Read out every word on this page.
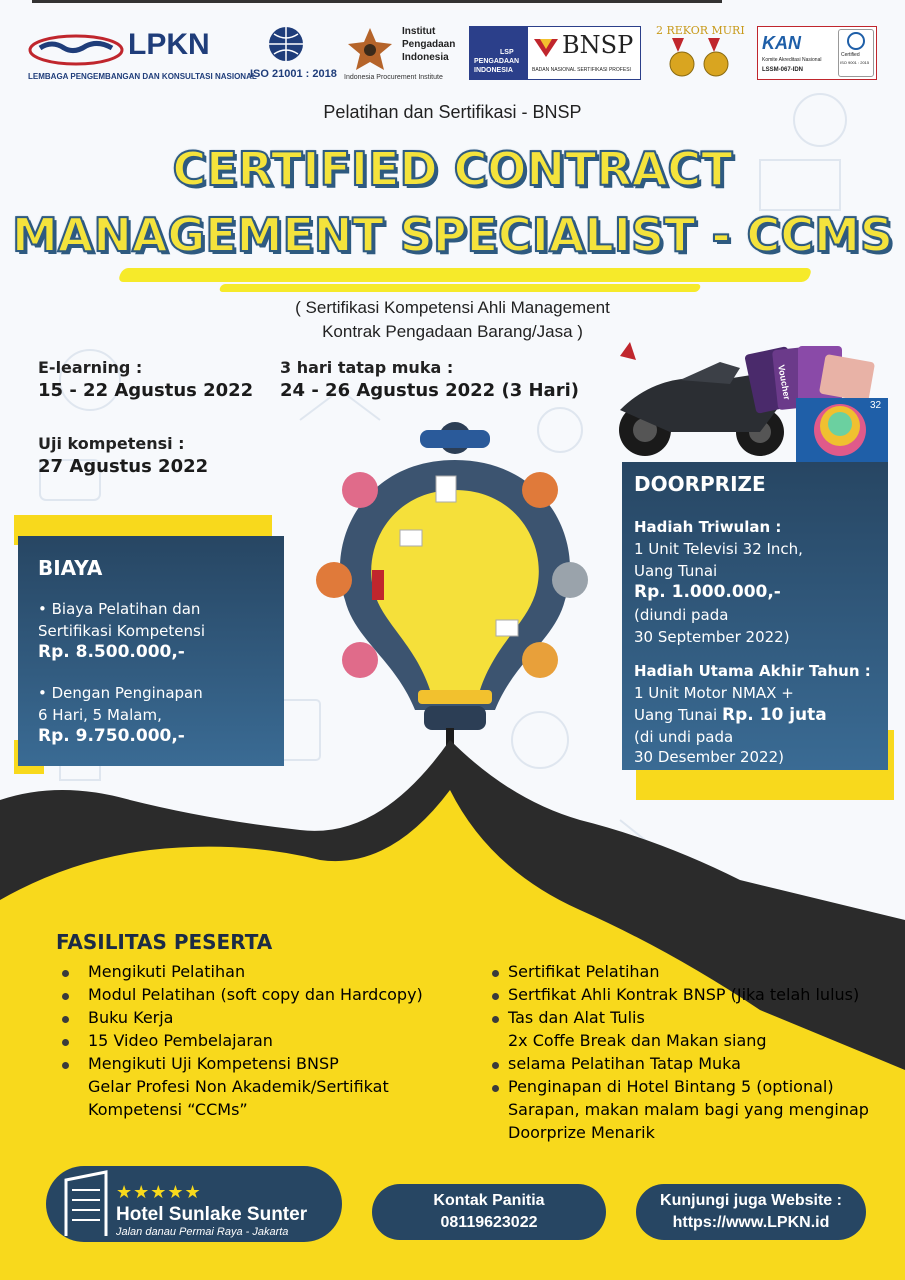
LPKN
LEMBAGA PENGEMBANGAN DAN KONSULTASI NASIONAL
ISO 21001 : 2018
Institut
Pengadaan
Indonesia
Indonesia Procurement Institute
LSP
PENGADAAN
INDONESIA
BNSP
BADAN NASIONAL SERTIFIKASI PROFESI
2 REKOR MURI
KAN
Komite Akreditasi Nasional
LSSM-067-IDN
Certified
ISO 9001 : 2015
Pelatihan dan Sertifikasi - BNSP
CERTIFIED CONTRACT
MANAGEMENT SPECIALIST - CCMS
( Sertifikasi Kompetensi Ahli Management
Kontrak Pengadaan Barang/Jasa )
E-learning :
15 - 22 Agustus 2022
3 hari tatap muka :
24 - 26 Agustus 2022 (3 Hari)
Uji kompetensi :
27 Agustus 2022
Voucher
32
BIAYA
• Biaya Pelatihan dan
Sertifikasi Kompetensi
Rp. 8.500.000,-
• Dengan Penginapan
6 Hari, 5 Malam,
Rp. 9.750.000,-
DOORPRIZE
Hadiah Triwulan :
1 Unit Televisi 32 Inch,
Uang Tunai
Rp. 1.000.000,-
(diundi pada
30 September 2022)
Hadiah Utama Akhir Tahun :
1 Unit Motor NMAX +
Uang Tunai Rp. 10 juta
(di undi pada
30 Desember 2022)
FASILITAS PESERTA
Mengikuti Pelatihan
Modul Pelatihan (soft copy dan Hardcopy)
Buku Kerja
15 Video Pembelajaran
Mengikuti Uji Kompetensi BNSP
Gelar Profesi Non Akademik/Sertifikat
Kompetensi “CCMs”
Sertifikat Pelatihan
Sertfikat Ahli Kontrak BNSP (Jika telah lulus)
Tas dan Alat Tulis
2x Coffe Break dan Makan siang
selama Pelatihan Tatap Muka
Penginapan di Hotel Bintang 5 (optional)
Sarapan, makan malam bagi yang menginap
Doorprize Menarik
★★★★★
Hotel Sunlake Sunter
Jalan danau Permai Raya - Jakarta
Kontak Panitia
08119623022
Kunjungi juga Website :
https://www.LPKN.id
